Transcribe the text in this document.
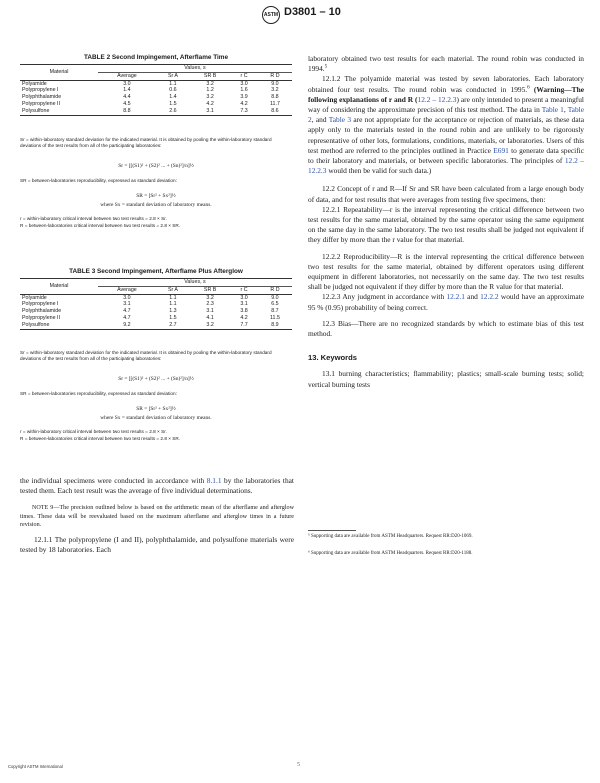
ASTM D3801 – 10
TABLE 2 Second Impingement, Afterflame Time
Material	Values, s				
	Average	Sr A	SR B	r C	R D
Polyamide	3.0	1.1	3.2	3.0	9.0
Polypropylene I	1.4	0.6	1.2	1.6	3.2
Polyphthalamide	4.4	1.4	3.2	3.9	8.8
Polypropylene II	4.5	1.5	4.2	4.2	11.7
Polysulfone	8.8	2.6	3.1	7.3	8.6
Sr = within-laboratory standard deviation for the indicated material. It is obtained by pooling the within-laboratory standard deviations of the test results from all of the participating laboratories:
Sr = [[(S1)² + (S2)² ... + (Sn)²]/n]½
SR = between-laboratories reproducibility, expressed as standard deviation:
SR = [Sr² + Sx²]½
where Sx = standard deviation of laboratory means.
r = within-laboratory critical interval between two test results = 2.8 × Sr.
R = between-laboratories critical interval between two test results = 2.8 × SR.
TABLE 3 Second Impingement, Afterflame Plus Afterglow
Material	Values, s				
	Average	Sr A	SR B	r C	R D
Polyamide	3.0	1.1	3.2	3.0	9.0
Polypropylene I	3.1	1.1	2.3	3.1	6.5
Polyphthalamide	4.7	1.3	3.1	3.8	8.7
Polypropylene II	4.7	1.5	4.1	4.2	11.5
Polysulfone	9.2	2.7	3.2	7.7	8.9
Sr = within-laboratory standard deviation for the indicated material. It is obtained by pooling the within-laboratory standard deviations of the test results from all of the participating laboratories:
Sr = [[(S1)² + (S2)² ... + (Sn)²]/n]½
SR = between-laboratories reproducibility, expressed as standard deviation:
SR = [Sr² + Sx²]½
where Sx = standard deviation of laboratory means.
r = within-laboratory critical interval between two test results = 2.8 × Sr.
R = between-laboratories critical interval between two test results = 2.8 × SR.

the individual specimens were conducted in accordance with 8.1.1 by the laboratories that tested them. Each test result was the average of five individual determinations.

NOTE 9—The precision outlined below is based on the arithmetic mean of the afterflame and afterglow times. These data will be reevaluated based on the maximum afterflame and afterglow times in a future revision.

12.1.1 The polypropylene (I and II), polyphthalamide, and polysulfone materials were tested by 18 laboratories. Each

laboratory obtained two test results for each material. The round robin was conducted in 1994.$^5$

12.1.2 The polyamide material was tested by seven laboratories. Each laboratory obtained four test results. The round robin was conducted in 1995.$^6$ (Warning—The following explanations of r and R (12.2 – 12.2.3) are only intended to present a meaningful way of considering the approximate precision of this test method. The data in Table 1, Table 2, and Table 3 are not appropriate for the acceptance or rejection of materials, as these data apply only to the materials tested in the round robin and are unlikely to be rigorously representative of other lots, formulations, conditions, materials, or laboratories. Users of this test method are referred to the principles outlined in Practice E691 to generate data specific to their laboratory and materials, or between specific laboratories. The principles of 12.2 – 12.2.3 would then be valid for such data.)

12.2 Concept of r and R—If Sr and SR have been calculated from a large enough body of data, and for test results that were averages from testing five specimens, then:

12.2.1 Repeatability—r is the interval representing the critical difference between two test results for the same material, obtained by the same operator using the same equipment on the same day in the same laboratory. The two test results shall be judged not equivalent if they differ by more than the r value for that material.

12.2.2 Reproducibility—R is the interval representing the critical difference between two test results for the same material, obtained by different operators using different equipment in different laboratories, not necessarily on the same day. The two test results shall be judged not equivalent if they differ by more than the R value for that material.

12.2.3 Any judgment in accordance with 12.2.1 and 12.2.2 would have an approximate 95 % (0.95) probability of being correct.

12.3 Bias—There are no recognized standards by which to estimate bias of this test method.

13. Keywords

13.1 burning characteristics; flammability; plastics; small-scale burning tests; solid; vertical burning tests

⁵ Supporting data are available from ASTM Headquarters. Request RR:D20-1069.
⁶ Supporting data are available from ASTM Headquarters. Request RR:D20-1188.
Copyright ASTM International	5
